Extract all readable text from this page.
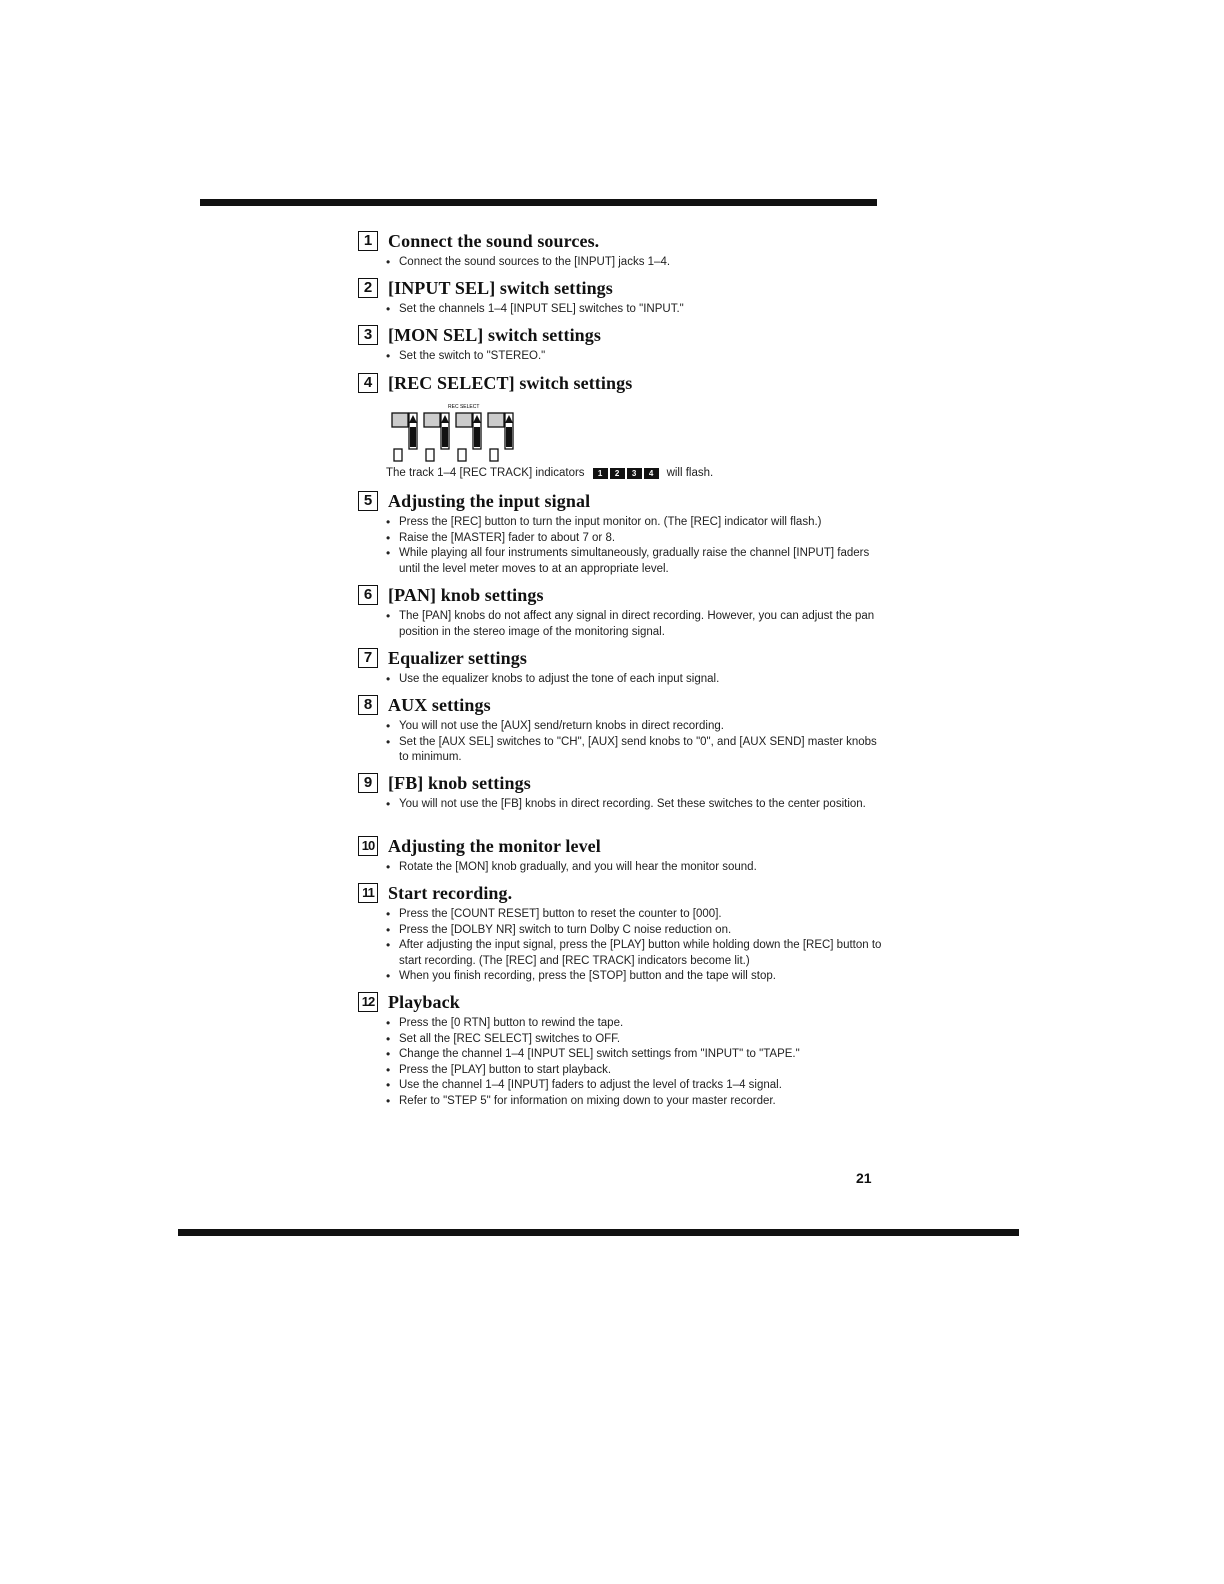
1 Connect the sound sources.
• Connect the sound sources to the [INPUT] jacks 1–4.
2 [INPUT SEL] switch settings
• Set the channels 1–4 [INPUT SEL] switches to "INPUT."
3 [MON SEL] switch settings
• Set the switch to "STEREO."
4 [REC SELECT] switch settings
REC SELECT
The track 1–4 [REC TRACK] indicators	1	2	3	4	will flash.
5 Adjusting the input signal
• Press the [REC] button to turn the input monitor on. (The [REC] indicator will flash.)
• Raise the [MASTER] fader to about 7 or 8.
• While playing all four instruments simultaneously, gradually raise the channel [INPUT] faders until the level meter moves to at an appropriate level.
6 [PAN] knob settings
• The [PAN] knobs do not affect any signal in direct recording. However, you can adjust the pan position in the stereo image of the monitoring signal.
7 Equalizer settings
• Use the equalizer knobs to adjust the tone of each input signal.
8 AUX settings
• You will not use the [AUX] send/return knobs in direct recording.
• Set the [AUX SEL] switches to "CH", [AUX] send knobs to "0", and [AUX SEND] master knobs to minimum.
9 [FB] knob settings
• You will not use the [FB] knobs in direct recording. Set these switches to the center position.
10 Adjusting the monitor level
• Rotate the [MON] knob gradually, and you will hear the monitor sound.
11 Start recording.
• Press the [COUNT RESET] button to reset the counter to [000].
• Press the [DOLBY NR] switch to turn Dolby C noise reduction on.
• After adjusting the input signal, press the [PLAY] button while holding down the [REC] button to start recording. (The [REC] and [REC TRACK] indicators become lit.)
• When you finish recording, press the [STOP] button and the tape will stop.
12 Playback
• Press the [0 RTN] button to rewind the tape.
• Set all the [REC SELECT] switches to OFF.
• Change the channel 1–4 [INPUT SEL] switch settings from "INPUT" to "TAPE."
• Press the [PLAY] button to start playback.
• Use the channel 1–4 [INPUT] faders to adjust the level of tracks 1–4 signal.
• Refer to "STEP 5" for information on mixing down to your master recorder.
21
